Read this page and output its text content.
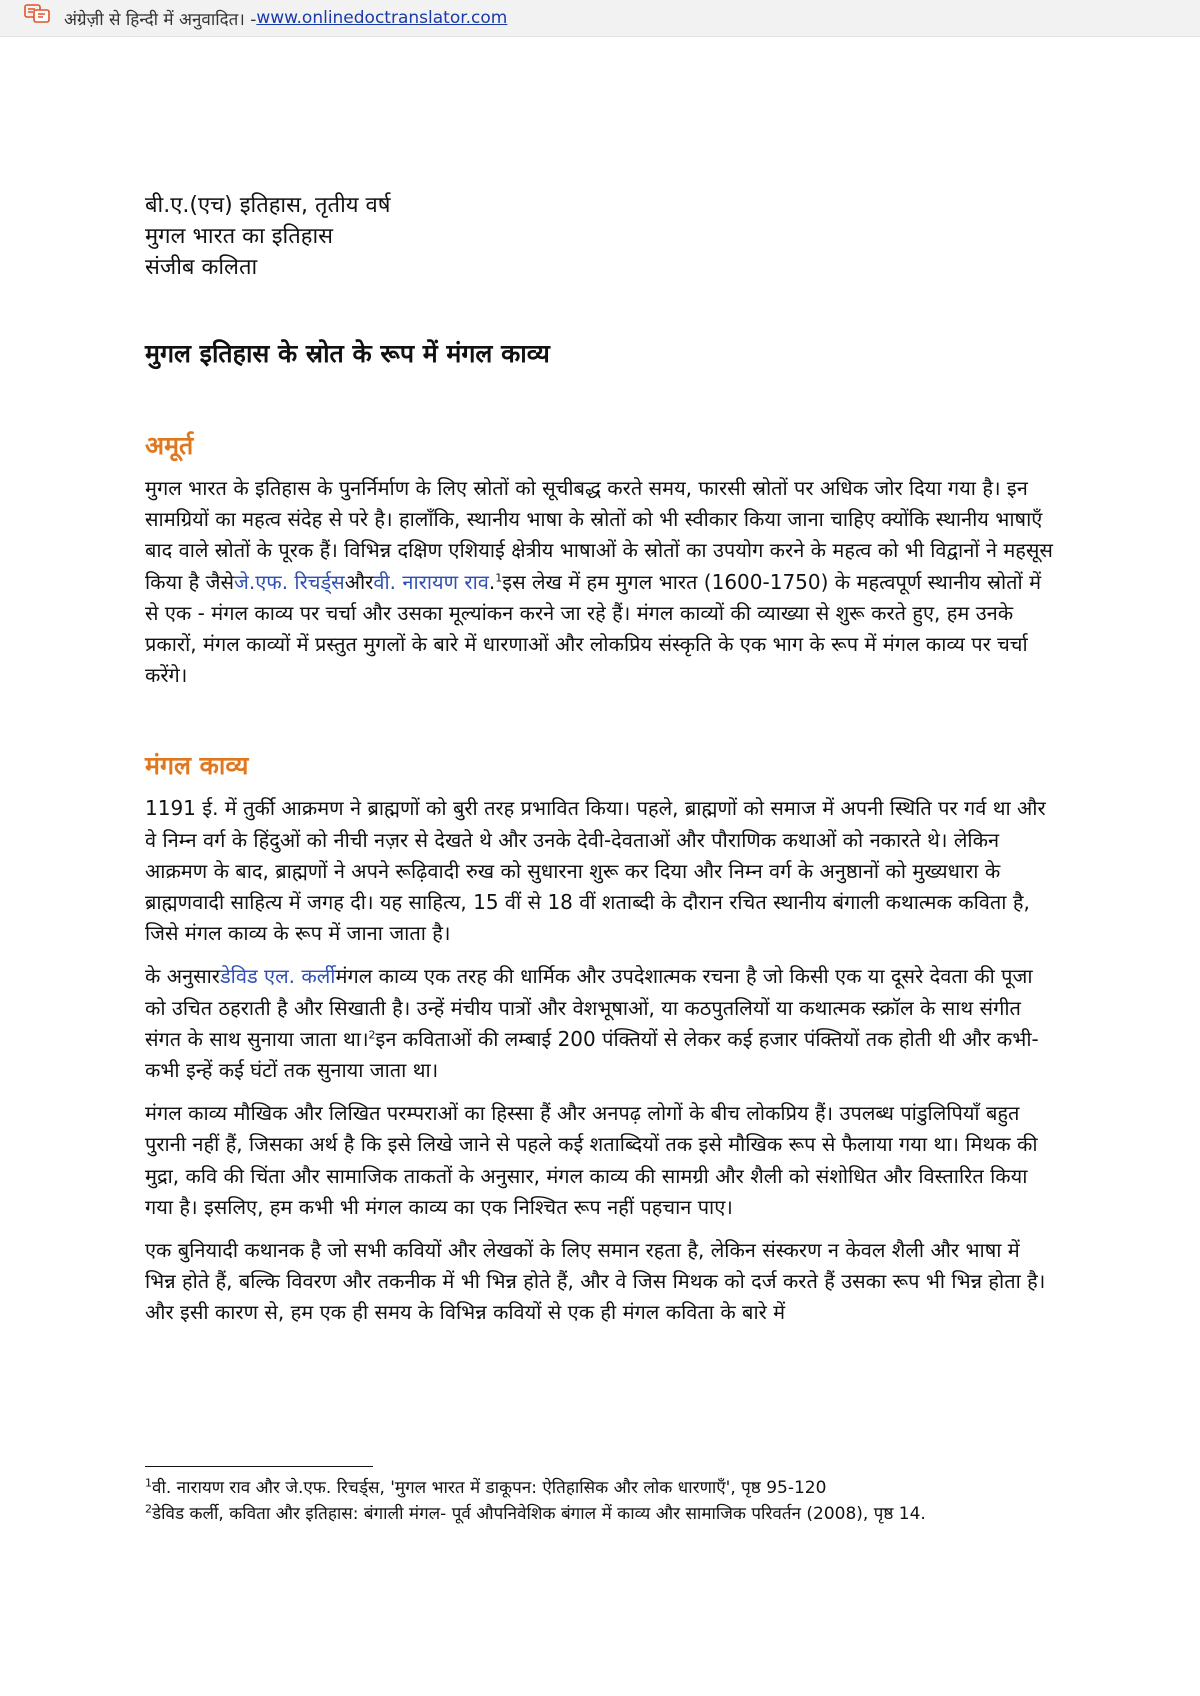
अंग्रेज़ी से हिन्दी में अनुवादित। - www.onlinedoctranslator.com

बी.ए.(एच) इतिहास, तृतीय वर्ष

मुगल भारत का इतिहास

संजीब कलिता

मुगल इतिहास के स्रोत के रूप में मंगल काव्य
अमूर्त

मुगल भारत के इतिहास के पुनर्निर्माण के लिए स्रोतों को सूचीबद्ध करते समय, फारसी स्रोतों पर अधिक जोर दिया गया है। इन सामग्रियों का महत्व संदेह से परे है। हालाँकि, स्थानीय भाषा के स्रोतों को भी स्वीकार किया जाना चाहिए क्योंकि स्थानीय भाषाएँ बाद वाले स्रोतों के पूरक हैं। विभिन्न दक्षिण एशियाई क्षेत्रीय भाषाओं के स्रोतों का उपयोग करने के महत्व को भी विद्वानों ने महसूस किया है जैसेजे.एफ. रिचर्ड्सऔरवी. नारायण राव.$^1$इस लेख में हम मुगल भारत (1600-1750) के महत्वपूर्ण स्थानीय स्रोतों में से एक - मंगल काव्य पर चर्चा और उसका मूल्यांकन करने जा रहे हैं। मंगल काव्यों की व्याख्या से शुरू करते हुए, हम उनके प्रकारों, मंगल काव्यों में प्रस्तुत मुगलों के बारे में धारणाओं और लोकप्रिय संस्कृति के एक भाग के रूप में मंगल काव्य पर चर्चा करेंगे।

मंगल काव्य

1191 ई. में तुर्की आक्रमण ने ब्राह्मणों को बुरी तरह प्रभावित किया। पहले, ब्राह्मणों को समाज में अपनी स्थिति पर गर्व था और वे निम्न वर्ग के हिंदुओं को नीची नज़र से देखते थे और उनके देवी-देवताओं और पौराणिक कथाओं को नकारते थे। लेकिन आक्रमण के बाद, ब्राह्मणों ने अपने रूढ़िवादी रुख को सुधारना शुरू कर दिया और निम्न वर्ग के अनुष्ठानों को मुख्यधारा के ब्राह्मणवादी साहित्य में जगह दी। यह साहित्य, 15 वीं से 18 वीं शताब्दी के दौरान रचित स्थानीय बंगाली कथात्मक कविता है, जिसे मंगल काव्य के रूप में जाना जाता है।

के अनुसारडेविड एल. कर्लीमंगल काव्य एक तरह की धार्मिक और उपदेशात्मक रचना है जो किसी एक या दूसरे देवता की पूजा को उचित ठहराती है और सिखाती है। उन्हें मंचीय पात्रों और वेशभूषाओं, या कठपुतलियों या कथात्मक स्क्रॉल के साथ संगीत संगत के साथ सुनाया जाता था।$^2$इन कविताओं की लम्बाई 200 पंक्तियों से लेकर कई हजार पंक्तियों तक होती थी और कभी-कभी इन्हें कई घंटों तक सुनाया जाता था।

मंगल काव्य मौखिक और लिखित परम्पराओं का हिस्सा हैं और अनपढ़ लोगों के बीच लोकप्रिय हैं। उपलब्ध पांडुलिपियाँ बहुत पुरानी नहीं हैं, जिसका अर्थ है कि इसे लिखे जाने से पहले कई शताब्दियों तक इसे मौखिक रूप से फैलाया गया था। मिथक की मुद्रा, कवि की चिंता और सामाजिक ताकतों के अनुसार, मंगल काव्य की सामग्री और शैली को संशोधित और विस्तारित किया गया है। इसलिए, हम कभी भी मंगल काव्य का एक निश्चित रूप नहीं पहचान पाए।

एक बुनियादी कथानक है जो सभी कवियों और लेखकों के लिए समान रहता है, लेकिन संस्करण न केवल शैली और भाषा में भिन्न होते हैं, बल्कि विवरण और तकनीक में भी भिन्न होते हैं, और वे जिस मिथक को दर्ज करते हैं उसका रूप भी भिन्न होता है। और इसी कारण से, हम एक ही समय के विभिन्न कवियों से एक ही मंगल कविता के बारे में

$^1$वी. नारायण राव और जे.एफ. रिचर्ड्स, 'मुगल भारत में डाकूपन: ऐतिहासिक और लोक धारणाएँ', पृष्ठ 95-120

$^2$डेविड कर्ली, कविता और इतिहास: बंगाली मंगल- पूर्व औपनिवेशिक बंगाल में काव्य और सामाजिक परिवर्तन (2008), पृष्ठ 14.
